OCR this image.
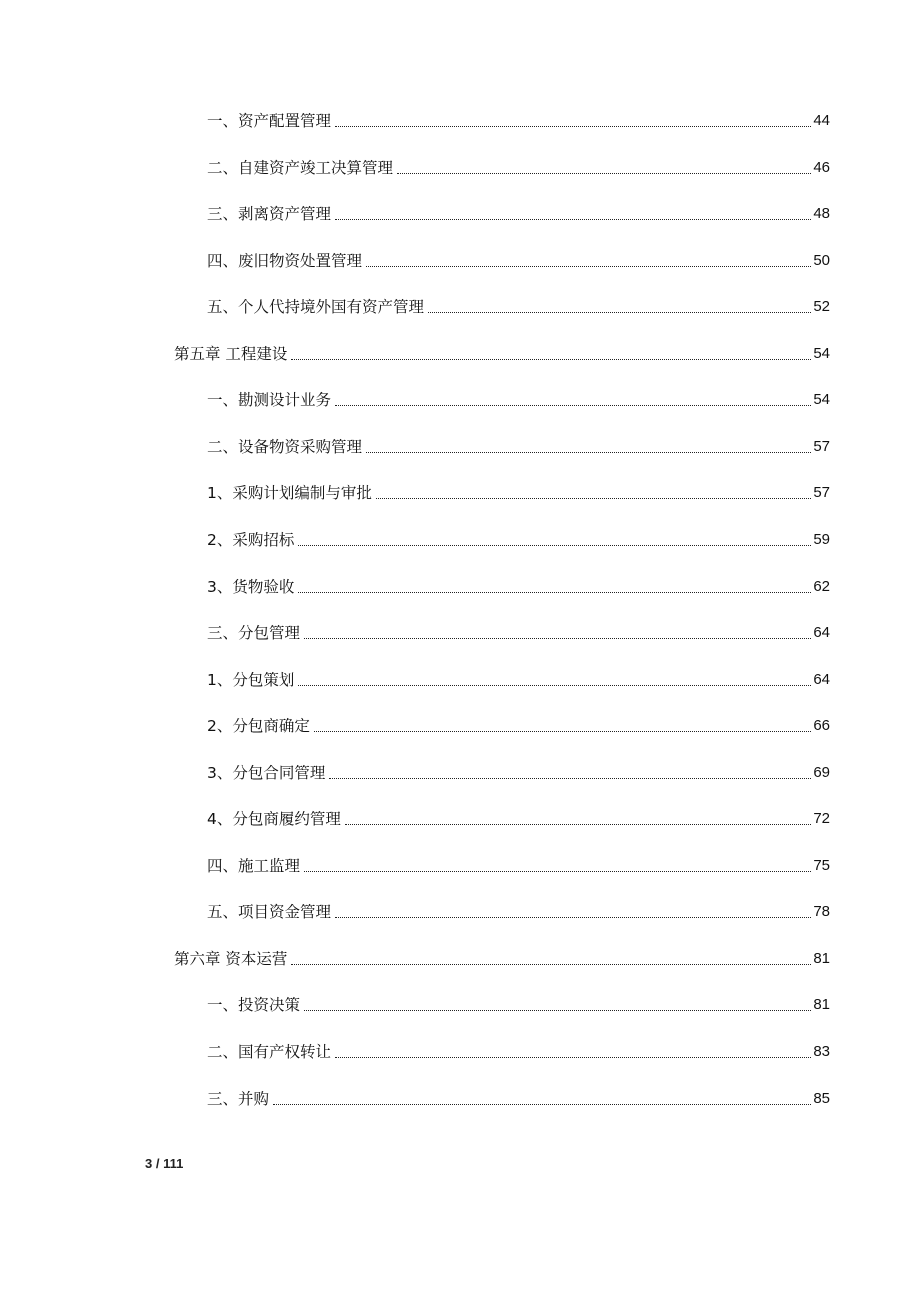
一、资产配置管理	44
二、自建资产竣工决算管理	46
三、剥离资产管理	48
四、废旧物资处置管理	50
五、个人代持境外国有资产管理	52
第五章 工程建设	54
一、勘测设计业务	54
二、设备物资采购管理	57
1、采购计划编制与审批	57
2、采购招标	59
3、货物验收	62
三、分包管理	64
1、分包策划	64
2、分包商确定	66
3、分包合同管理	69
4、分包商履约管理	72
四、施工监理	75
五、项目资金管理	78
第六章 资本运营	81
一、投资决策	81
二、国有产权转让	83
三、并购	85
3 / 111
